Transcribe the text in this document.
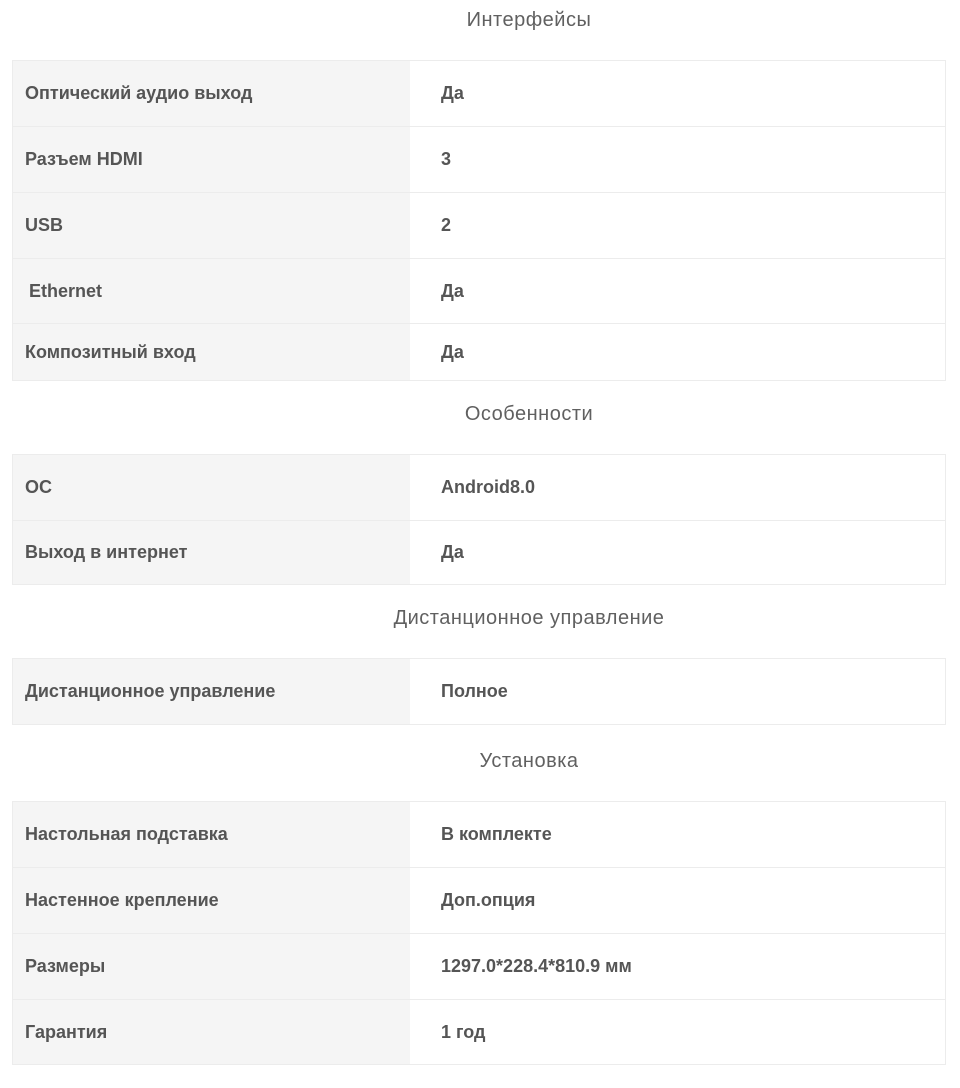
Интерфейсы
Оптический аудио выход	Да
Разъем HDMI	3
USB	2
Ethernet	Да
Композитный вход	Да
Особенности
ОС	Android8.0
Выход в интернет	Да
Дистанционное управление
Дистанционное управление	Полное
Установка
Настольная подставка	В комплекте
Настенное крепление	Доп.опция
Размеры	1297.0*228.4*810.9 мм
Гарантия	1 год
